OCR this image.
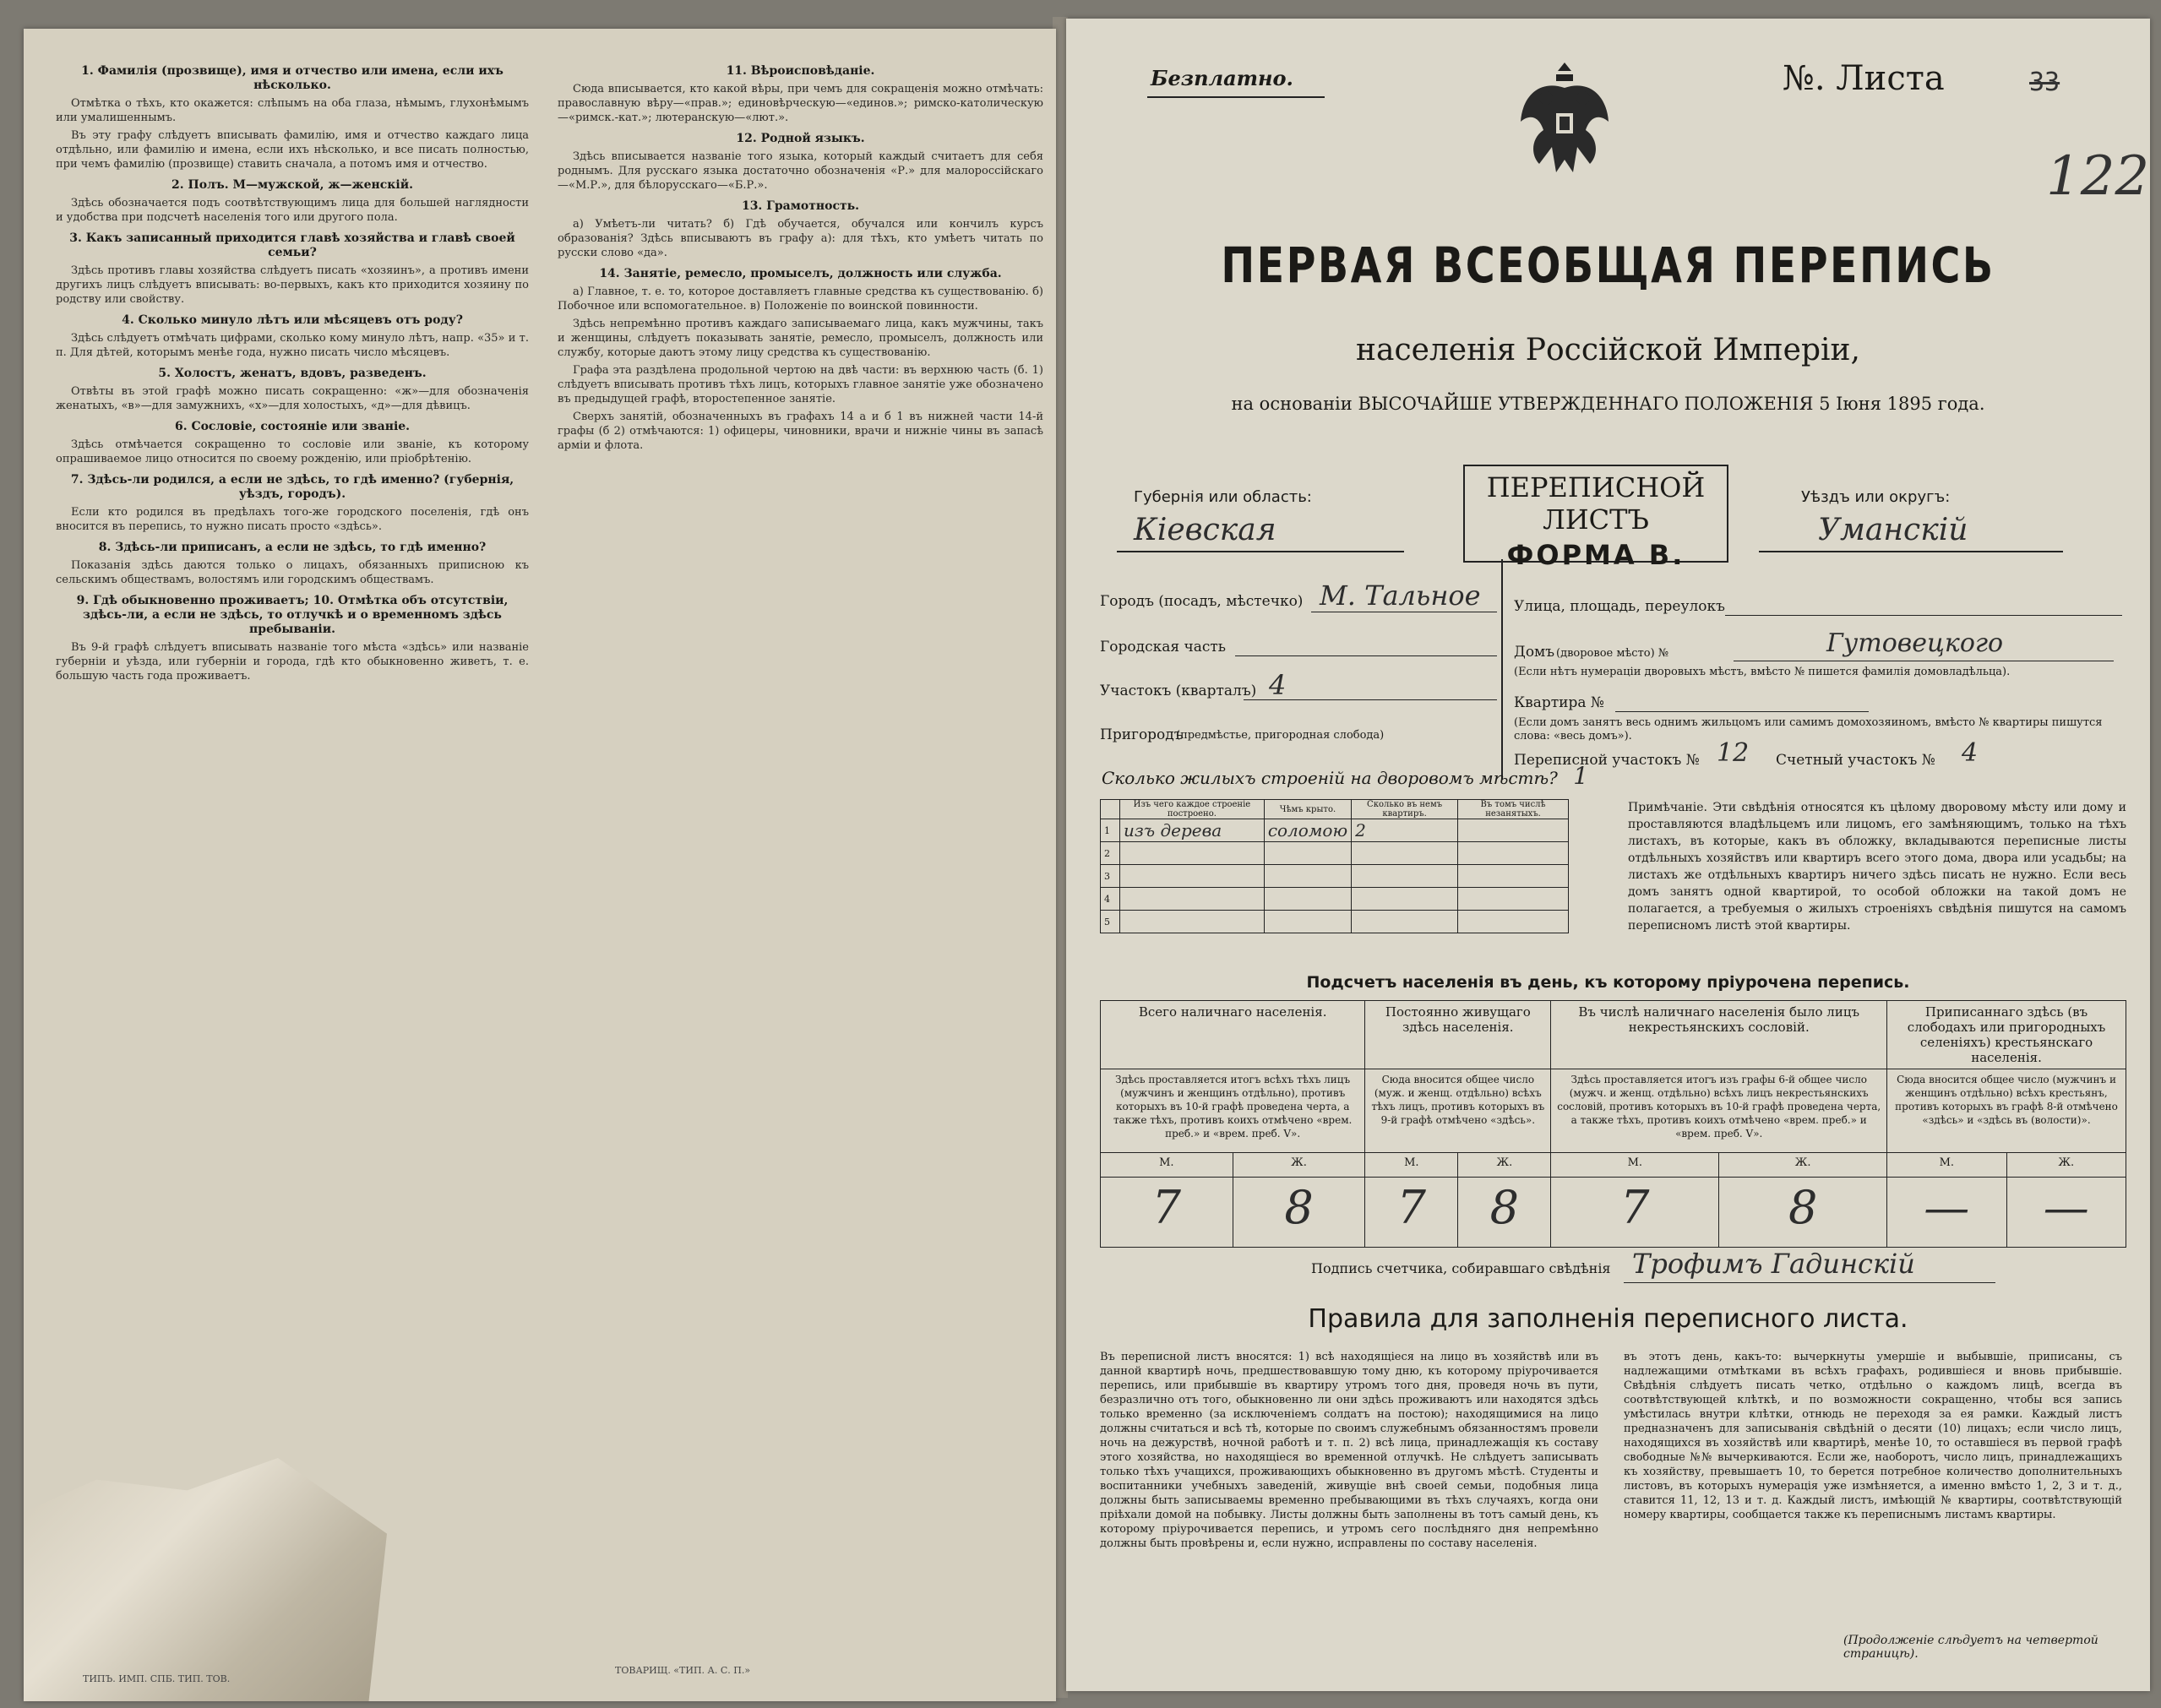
1. Фамилія (прозвище), имя и отчество или имена, если ихъ нѣсколько.

Отмѣтка о тѣхъ, кто окажется: слѣпымъ на оба глаза, нѣмымъ, глухонѣмымъ или умалишеннымъ.

Въ эту графу слѣдуетъ вписывать фамилію, имя и отчество каждаго лица отдѣльно, или фамилію и имена, если ихъ нѣсколько, и все писать полностью, при чемъ фамилію (прозвище) ставить сначала, а потомъ имя и отчество.

2. Полъ. М—мужской, ж—женскій.

Здѣсь обозначается подъ соотвѣтствующимъ лица для большей наглядности и удобства при подсчетѣ населенія того или другого пола.

3. Какъ записанный приходится главѣ хозяйства и главѣ своей семьи?

Здѣсь противъ главы хозяйства слѣдуетъ писать «хозяинъ», а противъ имени другихъ лицъ слѣдуетъ вписывать: во-первыхъ, какъ кто приходится хозяину по родству или свойству.

4. Сколько минуло лѣтъ или мѣсяцевъ отъ роду?

Здѣсь слѣдуетъ отмѣчать цифрами, сколько кому минуло лѣтъ, напр. «35» и т. п. Для дѣтей, которымъ менѣе года, нужно писать число мѣсяцевъ.

5. Холостъ, женатъ, вдовъ, разведенъ.

Отвѣты въ этой графѣ можно писать сокращенно: «ж»—для обозначенія женатыхъ, «в»—для замужнихъ, «х»—для холостыхъ, «д»—для дѣвицъ.

6. Сословіе, состояніе или званіе.

Здѣсь отмѣчается сокращенно то сословіе или званіе, къ которому опрашиваемое лицо относится по своему рожденію, или пріобрѣтенію.

7. Здѣсь-ли родился, а если не здѣсь, то гдѣ именно? (губернія, уѣздъ, городъ).

Если кто родился въ предѣлахъ того-же городского поселенія, гдѣ онъ вносится въ перепись, то нужно писать просто «здѣсь».

8. Здѣсь-ли приписанъ, а если не здѣсь, то гдѣ именно?

Показанія здѣсь даются только о лицахъ, обязанныхъ приписною къ сельскимъ обществамъ, волостямъ или городскимъ обществамъ.

9. Гдѣ обыкновенно проживаетъ; 10. Отмѣтка объ отсутствіи, здѣсь-ли, а если не здѣсь, то отлучкѣ и о временномъ здѣсь пребываніи.

Въ 9-й графѣ слѣдуетъ вписывать названіе того мѣста «здѣсь» или названіе губерніи и уѣзда, или губерніи и города, гдѣ кто обыкновенно живетъ, т. е. большую часть года проживаетъ.

11. Вѣроисповѣданіе.

Сюда вписывается, кто какой вѣры, при чемъ для сокращенія можно отмѣчать: православную вѣру—«прав.»; единовѣрческую—«единов.»; римско-католическую—«римск.-кат.»; лютеранскую—«лют.».

12. Родной языкъ.

Здѣсь вписывается названіе того языка, который каждый считаетъ для себя роднымъ. Для русскаго языка достаточно обозначенія «Р.» для малороссійскаго—«М.Р.», для бѣлорусскаго—«Б.Р.».

13. Грамотность.

а) Умѣетъ-ли читать? б) Гдѣ обучается, обучался или кончилъ курсъ образованія? Здѣсь вписываютъ въ графу а): для тѣхъ, кто умѣетъ читать по русски слово «да».

14. Занятіе, ремесло, промыселъ, должность или служба.

а) Главное, т. е. то, которое доставляетъ главные средства къ существованію. б) Побочное или вспомогательное. в) Положеніе по воинской повинности.

Здѣсь непремѣнно противъ каждаго записываемаго лица, какъ мужчины, такъ и женщины, слѣдуетъ показывать занятіе, ремесло, промыселъ, должность или службу, которые даютъ этому лицу средства къ существованію.

Графа эта раздѣлена продольной чертою на двѣ части: въ верхнюю часть (б. 1) слѣдуетъ вписывать противъ тѣхъ лицъ, которыхъ главное занятіе уже обозначено въ предыдущей графѣ, второстепенное занятіе.

Сверхъ занятій, обозначенныхъ въ графахъ 14 а и б 1 въ нижней части 14-й графы (б 2) отмѣчаются: 1) офицеры, чиновники, врачи и нижніе чины въ запасѣ арміи и флота.

ТИПЪ. ИМП. СПБ. ТИП. ТОВ.
ТОВАРИЩ. «ТИП. А. С. П.»
Безплатно.	№. Листа	33
122
ПЕРВАЯ ВСЕОБЩАЯ ПЕРЕПИСЬ
населенія Россійской Имперіи,
на основаніи ВЫСОЧАЙШЕ УТВЕРЖДЕННАГО ПОЛОЖЕНІЯ 5 Іюня 1895 года.
Губернія или область:
Кіевская
ПЕРЕПИСНОЙ ЛИСТЪ
ФОРМА В.
Уѣздъ или округъ:
Уманскій
Городъ (посадъ, мѣстечко) М. Тальное
Городская часть
Участокъ (кварталъ) 4
Пригородъ
(предмѣстье, пригородная слобода)
Улица, площадь, переулокъ
Домъ (дворовое мѣсто) №	Гутовецкого
(Если нѣтъ нумераціи дворовыхъ мѣстъ, вмѣсто № пишется фамилія домовладѣльца).
Квартира №
(Если домъ занятъ весь однимъ жильцомъ или самимъ домохозяиномъ, вмѣсто № квартиры пишутся слова: «весь домъ»).
Переписной участокъ № 12 Счетный участокъ № 4
Сколько жилыхъ строеній на дворовомъ мѣстѣ? 1
	Изъ чего каждое строеніе построено.	Чѣмъ крыто.	Сколько въ немъ квартиръ.	Въ томъ числѣ незанятыхъ.
1	изъ дерева	соломою	2	
2				
3				
4				
5				
Примѣчаніе. Эти свѣдѣнія относятся къ цѣлому дворовому мѣсту или дому и проставляются владѣльцемъ или лицомъ, его замѣняющимъ, только на тѣхъ листахъ, въ которые, какъ въ обложку, вкладываются переписные листы отдѣльныхъ хозяйствъ или квартиръ всего этого дома, двора или усадьбы; на листахъ же отдѣльныхъ квартиръ ничего здѣсь писать не нужно. Если весь домъ занятъ одной квартирой, то особой обложки на такой домъ не полагается, а требуемыя о жилыхъ строеніяхъ свѣдѣнія пишутся на самомъ переписномъ листѣ этой квартиры.
Подсчетъ населенія въ день, къ которому пріурочена перепись.
Всего наличнаго населенія.		Постоянно живущаго здѣсь населенія.		Въ числѣ наличнаго населенія было лицъ некрестьянскихъ сословій.		Приписаннаго здѣсь (въ слободахъ или пригородныхъ селеніяхъ) крестьянскаго населенія.	
Здѣсь проставляется итогъ всѣхъ тѣхъ лицъ (мужчинъ и женщинъ отдѣльно), противъ которыхъ въ 10-й графѣ проведена черта, а также тѣхъ, противъ коихъ отмѣчено «врем. преб.» и «врем. преб. V».		Сюда вносится общее число (муж. и женщ. отдѣльно) всѣхъ тѣхъ лицъ, противъ которыхъ въ 9-й графѣ отмѣчено «здѣсь».		Здѣсь проставляется итогъ изъ графы 6-й общее число (мужч. и женщ. отдѣльно) всѣхъ лицъ некрестьянскихъ сословій, противъ которыхъ въ 10-й графѣ проведена черта, а также тѣхъ, противъ коихъ отмѣчено «врем. преб.» и «врем. преб. V».		Сюда вносится общее число (мужчинъ и женщинъ отдѣльно) всѣхъ крестьянъ, противъ которыхъ въ графѣ 8-й отмѣчено «здѣсь» и «здѣсь въ (волости)».	
М.	Ж.	М.	Ж.	М.	Ж.	М.	Ж.
7	8	7	8	7	8	—	—
Подпись счетчика, собиравшаго свѣдѣнія Трофимъ Гадинскій
Правила для заполненія переписного листа.
Въ переписной листъ вносятся: 1) всѣ находящіеся на лицо въ хозяйствѣ или въ данной квартирѣ ночь, предшествовавшую тому дню, къ которому пріурочивается перепись, или прибывшіе въ квартиру утромъ того дня, проведя ночь въ пути, безразлично отъ того, обыкновенно ли они здѣсь проживаютъ или находятся здѣсь только временно (за исключеніемъ солдатъ на постою); находящимися на лицо должны считаться и всѣ тѣ, которые по своимъ служебнымъ обязанностямъ провели ночь на дежурствѣ, ночной работѣ и т. п. 2) всѣ лица, принадлежащія къ составу этого хозяйства, но находящіеся во временной отлучкѣ. Не слѣдуетъ записывать только тѣхъ учащихся, проживающихъ обыкновенно въ другомъ мѣстѣ. Студенты и воспитанники учебныхъ заведеній, живущіе внѣ своей семьи, подобныя лица должны быть записываемы временно пребывающими въ тѣхъ случаяхъ, когда они пріѣхали домой на побывку. Листы должны быть заполнены въ тотъ самый день, къ которому пріурочивается перепись, и утромъ сего послѣдняго дня непремѣнно должны быть провѣрены и, если нужно, исправлены по составу населенія.
въ этотъ день, какъ-то: вычеркнуты умершіе и выбывшіе, приписаны, съ надлежащими отмѣтками въ всѣхъ графахъ, родившіеся и вновь прибывшіе. Свѣдѣнія слѣдуетъ писать четко, отдѣльно о каждомъ лицѣ, всегда въ соотвѣтствующей клѣткѣ, и по возможности сокращенно, чтобы вся запись умѣстилась внутри клѣтки, отнюдь не переходя за ея рамки. Каждый листъ предназначенъ для записыванія свѣдѣній о десяти (10) лицахъ; если число лицъ, находящихся въ хозяйствѣ или квартирѣ, менѣе 10, то оставшіеся въ первой графѣ свободные №№ вычеркиваются. Если же, наоборотъ, число лицъ, принадлежащихъ къ хозяйству, превышаетъ 10, то берется потребное количество дополнительныхъ листовъ, въ которыхъ нумерація уже измѣняется, а именно вмѣсто 1, 2, 3 и т. д., ставится 11, 12, 13 и т. д. Каждый листъ, имѣющій № квартиры, соотвѣтствующій номеру квартиры, сообщается также къ переписнымъ листамъ квартиры.
(Продолженіе слѣдуетъ на четвертой страницѣ).
